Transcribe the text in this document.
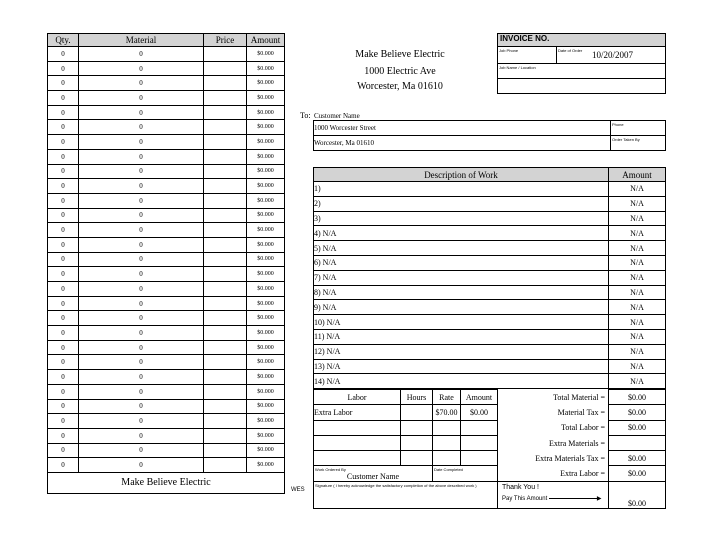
Qty.	Material	Price	Amount
0	0		$0.000
0	0		$0.000
0	0		$0.000
0	0		$0.000
0	0		$0.000
0	0		$0.000
0	0		$0.000
0	0		$0.000
0	0		$0.000
0	0		$0.000
0	0		$0.000
0	0		$0.000
0	0		$0.000
0	0		$0.000
0	0		$0.000
0	0		$0.000
0	0		$0.000
0	0		$0.000
0	0		$0.000
0	0		$0.000
0	0		$0.000
0	0		$0.000
0	0		$0.000
0	0		$0.000
0	0		$0.000
0	0		$0.000
0	0		$0.000
0	0		$0.000
0	0		$0.000
Make Believe Electric			
WES
Make Believe Electric
1000 Electric Ave
Worcester, Ma 01610
INVOICE NO.

Job Phone	Date of Order 10/20/2007

Job Name / Location

To: Customer Name
1000 Worcester Street	Phone

Worcester, Ma 01610	Order Taken By
Description of Work	Amount
1)	N/A
2)	N/A
3)	N/A
4) N/A	N/A
5) N/A	N/A
6) N/A	N/A
7) N/A	N/A
8) N/A	N/A
9) N/A	N/A
10) N/A	N/A
11) N/A	N/A
12) N/A	N/A
13) N/A	N/A
14) N/A	N/A
Labor	Hours	Rate	Amount	Total Material =	$0.00
Extra Labor		$70.00	$0.00	Material Tax =	$0.00
				Total Labor =	$0.00
				Extra Materials =	
				Extra Materials Tax =	$0.00

Work Ordered By
Customer Name		Date Completed		Extra Labor =	$0.00

Signature ( I hereby acknowledge the satisfactory completion of the above described work )				Thank You !
Pay This Amount ▶	$0.00
